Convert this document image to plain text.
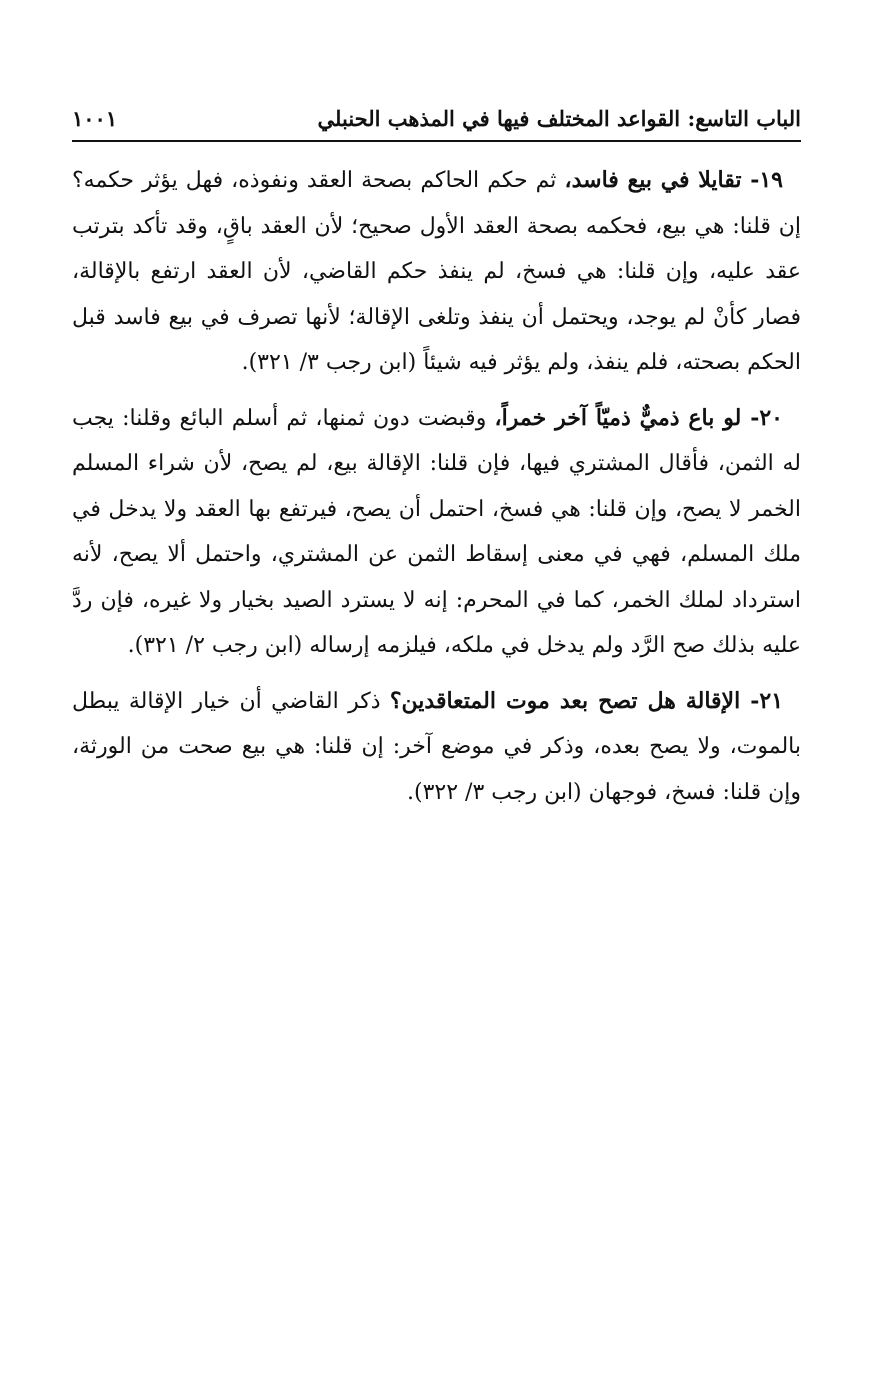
الباب التاسع: القواعد المختلف فيها في المذهب الحنبلي
١٠٠١

١٩- تقايلا في بيع فاسد، ثم حكم الحاكم بصحة العقد ونفوذه، فهل يؤثر حكمه؟ إن قلنا: هي بيع، فحكمه بصحة العقد الأول صحيح؛ لأن العقد باقٍ، وقد تأكد بترتب عقد عليه، وإن قلنا: هي فسخ، لم ينفذ حكم القاضي، لأن العقد ارتفع بالإقالة، فصار كأنْ لم يوجد، ويحتمل أن ينفذ وتلغى الإقالة؛ لأنها تصرف في بيع فاسد قبل الحكم بصحته، فلم ينفذ، ولم يؤثر فيه شيئاً (ابن رجب ٣/ ٣٢١).

٢٠- لو باع ذميٌّ ذميّاً آخر خمراً، وقبضت دون ثمنها، ثم أسلم البائع وقلنا: يجب له الثمن، فأقال المشتري فيها، فإن قلنا: الإقالة بيع، لم يصح، لأن شراء المسلم الخمر لا يصح، وإن قلنا: هي فسخ، احتمل أن يصح، فيرتفع بها العقد ولا يدخل في ملك المسلم، فهي في معنى إسقاط الثمن عن المشتري، واحتمل ألا يصح، لأنه استرداد لملك الخمر، كما في المحرم: إنه لا يسترد الصيد بخيار ولا غيره، فإن ردَّ عليه بذلك صح الرَّد ولم يدخل في ملكه، فيلزمه إرساله (ابن رجب ٢/ ٣٢١).

٢١- الإقالة هل تصح بعد موت المتعاقدين؟ ذكر القاضي أن خيار الإقالة يبطل بالموت، ولا يصح بعده، وذكر في موضع آخر: إن قلنا: هي بيع صحت من الورثة، وإن قلنا: فسخ، فوجهان (ابن رجب ٣/ ٣٢٢).
